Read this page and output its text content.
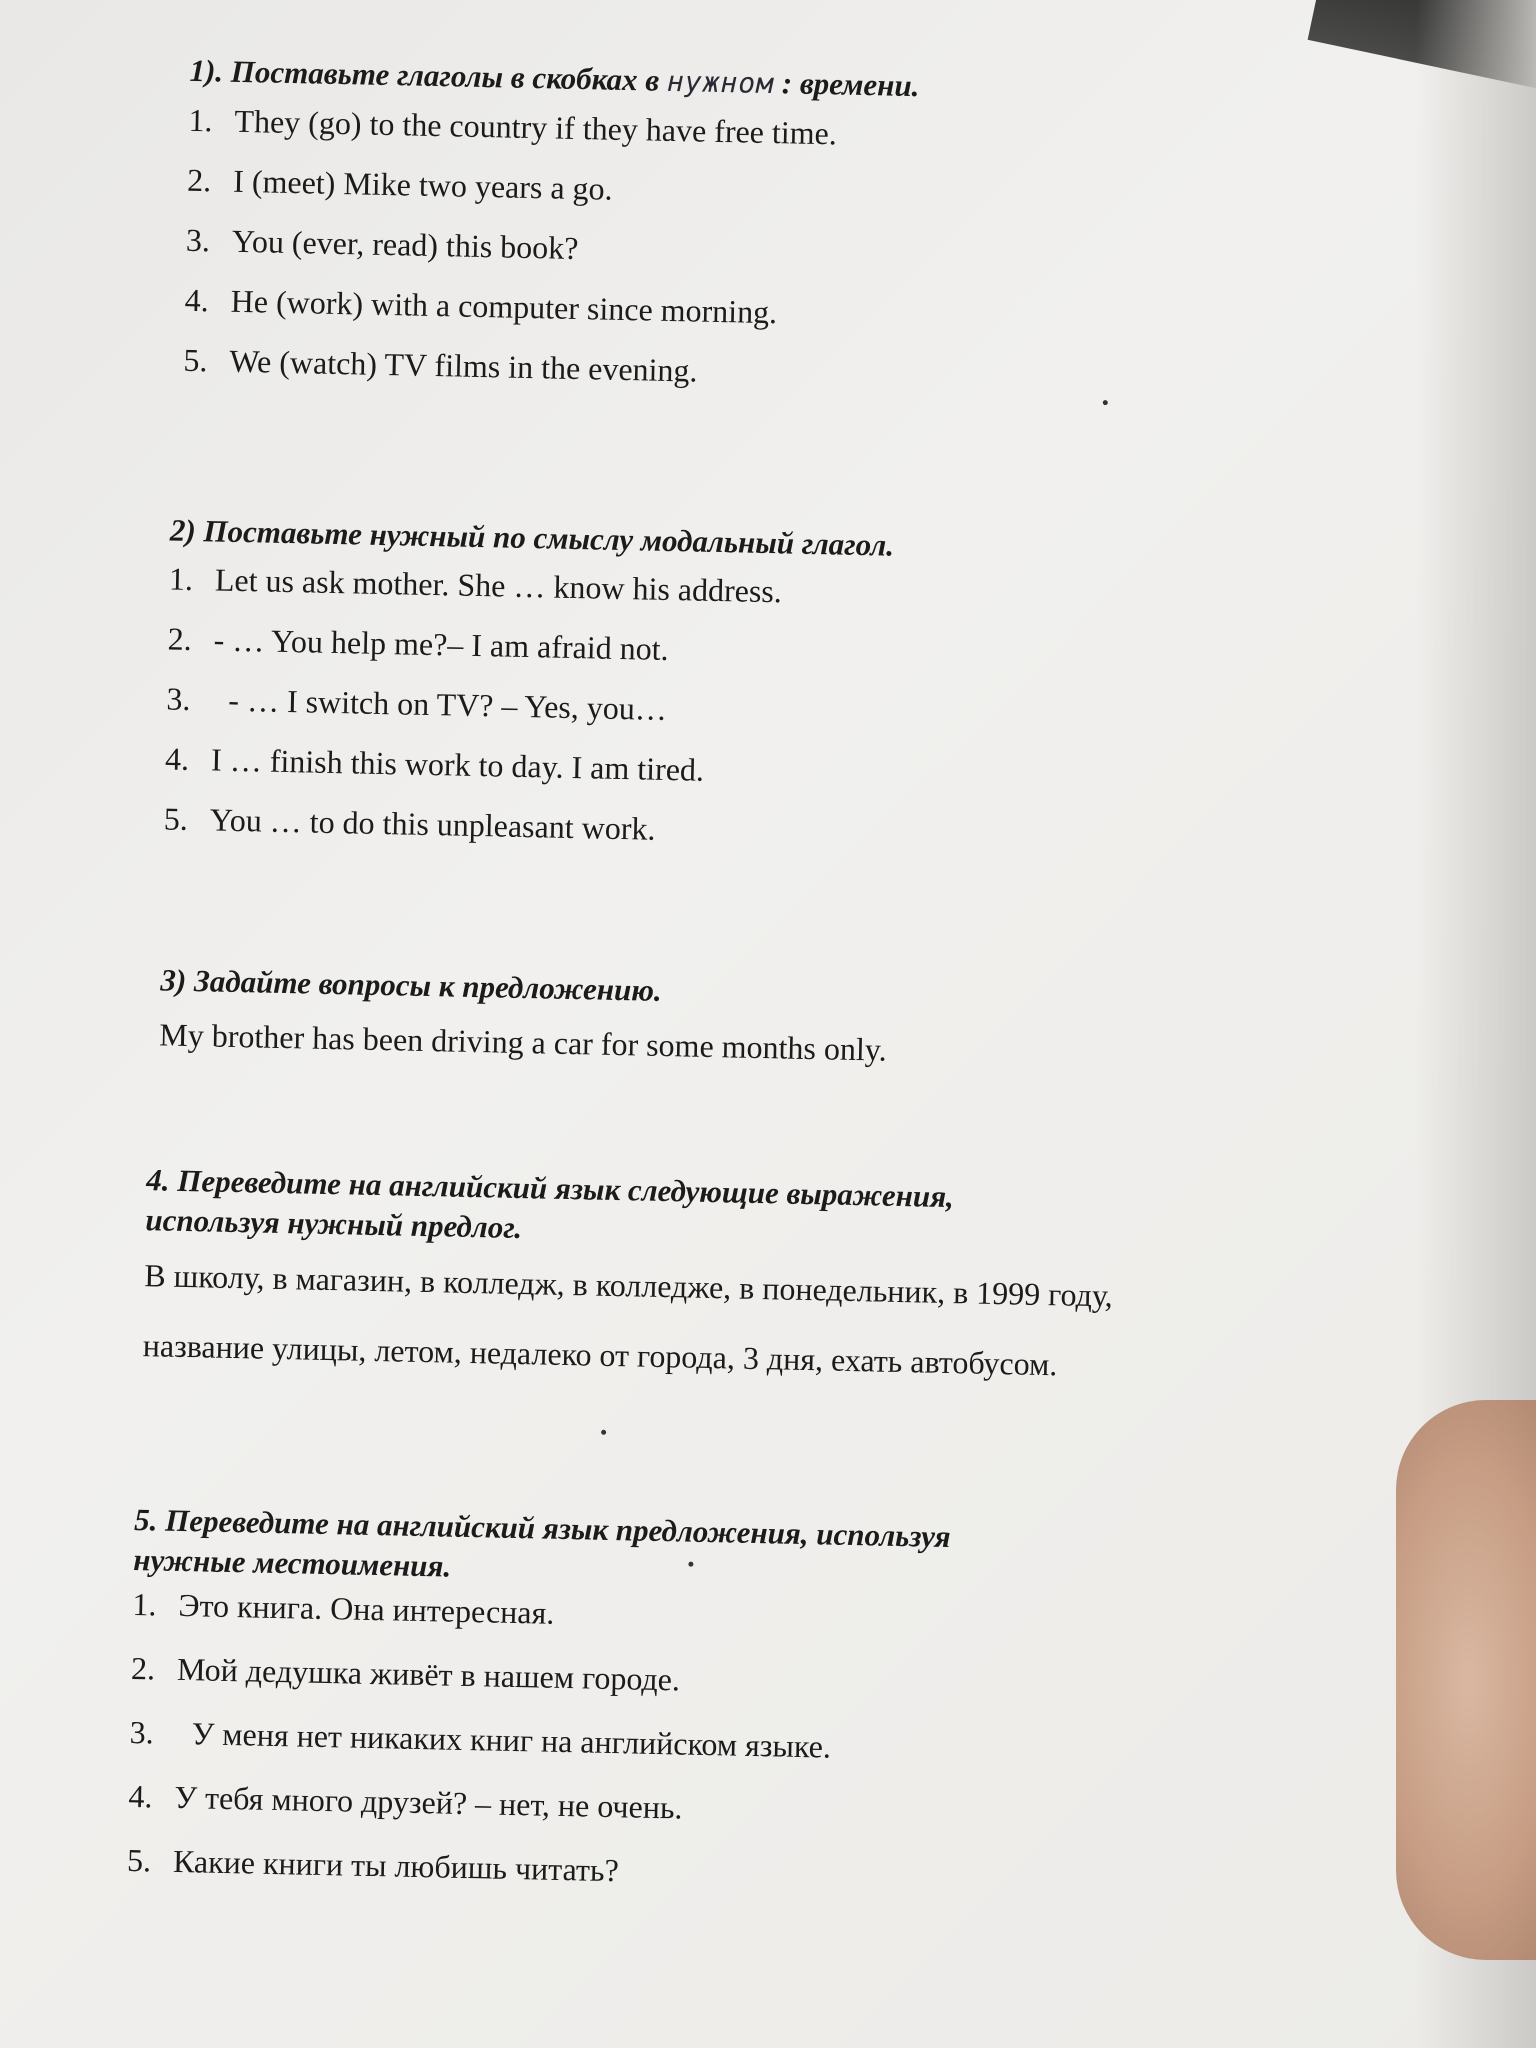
1). Поставьте глаголы в скобках в нужном : времени.
1. They (go) to the country if they have free time.
2. I (meet) Mike two years a go.
3. You (ever, read) this book?
4. He (work) with a computer since morning.
5. We (watch) TV films in the evening.
2) Поставьте нужный по смыслу модальный глагол.
1. Let us ask mother. She … know his address.
2. - … You help me?– I am afraid not.
3. - … I switch on TV? – Yes, you…
4. I … finish this work to day. I am tired.
5. You … to do this unpleasant work.
3) Задайте вопросы к предложению.
My brother has been driving a car for some months only.
4. Переведите на английский язык следующие выражения,
используя нужный предлог.
В школу, в магазин, в колледж, в колледже, в понедельник, в 1999 году, название улицы, летом, недалеко от города, 3 дня, ехать автобусом.
5. Переведите на английский язык предложения, используя
нужные местоимения.
1. Это книга. Она интересная.
2. Мой дедушка живёт в нашем городе.
3. У меня нет никаких книг на английском языке.
4. У тебя много друзей? – нет, не очень.
5. Какие книги ты любишь читать?
